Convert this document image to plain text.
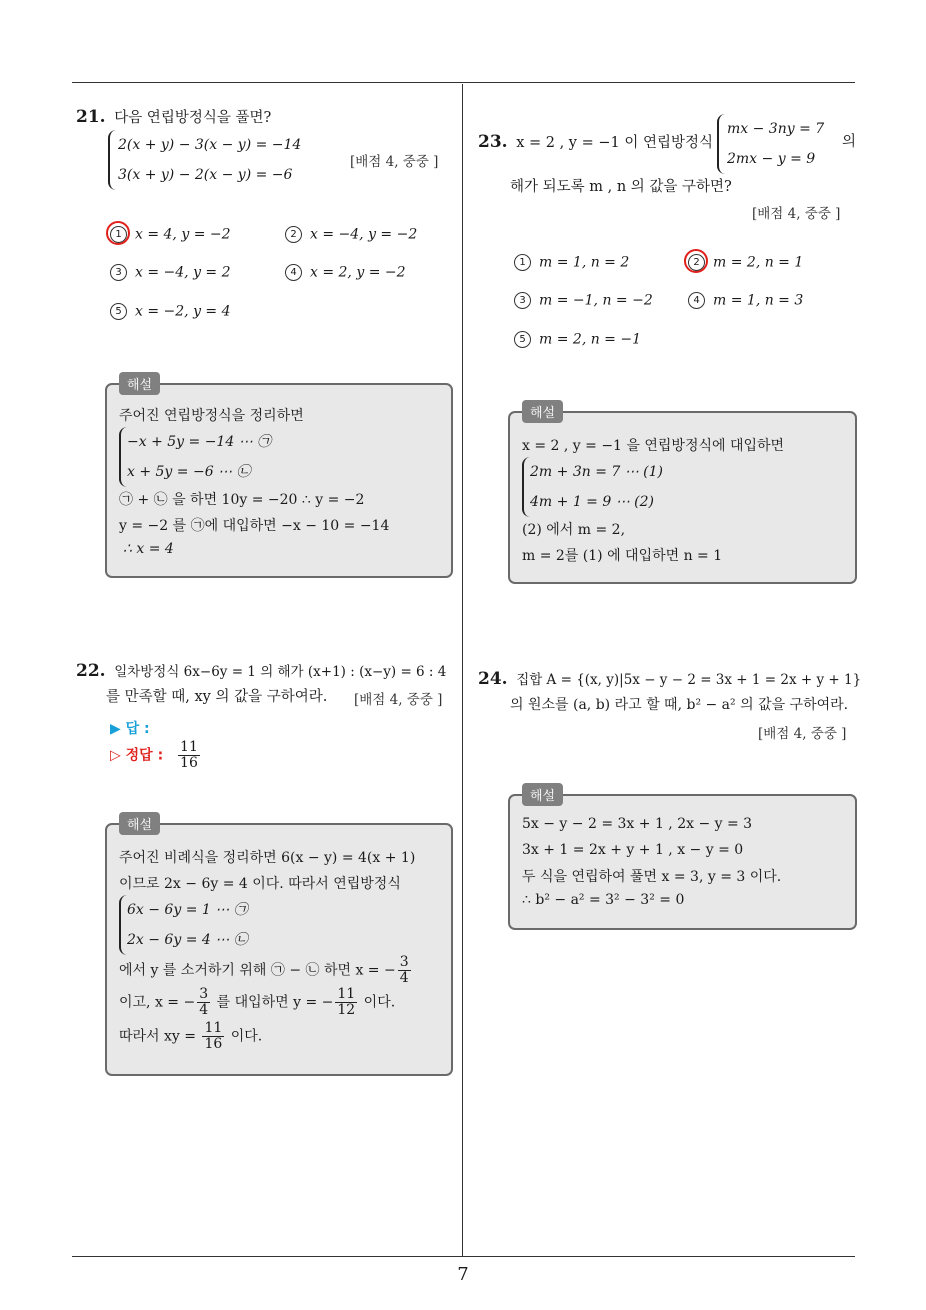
7
21. 다음 연립방정식을 풀면?
2(x + y) − 3(x − y) = −14
3(x + y) − 2(x − y) = −6
[배점 4, 중중 ]
1 x = 4, y = −2	2 x = −4, y = −2
3 x = −4, y = 2	4 x = 2, y = −2
5 x = −2, y = 4
해설
주어진 연립방정식을 정리하면
−x + 5y = −14 ⋯ ㉠
x + 5y = −6 ⋯ ㉡
㉠ + ㉡ 을 하면 10y = −20 ∴ y = −2
y = −2 를 ㉠에 대입하면 −x − 10 = −14
∴ x = 4
22. 일차방정식 6x−6y = 1 의 해가 (x+1) : (x−y) = 6 : 4
를 만족할 때, xy 의 값을 구하여라. [배점 4, 중중 ]
▶ 답 :
▷ 정답 : $\frac{11}{16}$
해설
주어진 비례식을 정리하면 6(x − y) = 4(x + 1)
이므로 2x − 6y = 4 이다. 따라서 연립방정식
6x − 6y = 1 ⋯ ㉠
2x − 6y = 4 ⋯ ㉡
에서 y 를 소거하기 위해 ㉠ − ㉡ 하면 x = − $\frac{3}{4}$
이고, x = − $\frac{3}{4}$ 를 대입하면 y = − $\frac{11}{12}$ 이다.
따라서 xy = $\frac{11}{16}$ 이다.
23. x = 2 , y = −1 이 연립방정식
mx − 3ny = 7
2mx − y = 9
의
해가 되도록 m , n 의 값을 구하면?
[배점 4, 중중 ]
1 m = 1, n = 2	2 m = 2, n = 1
3 m = −1, n = −2	4 m = 1, n = 3
5 m = 2, n = −1
해설
x = 2 , y = −1 을 연립방정식에 대입하면
2m + 3n = 7 ⋯ (1)
4m + 1 = 9 ⋯ (2)
(2) 에서 m = 2,
m = 2를 (1) 에 대입하면 n = 1
24. 집합 A = {(x, y)|5x − y − 2 = 3x + 1 = 2x + y + 1}
의 원소를 (a, b) 라고 할 때, b² − a² 의 값을 구하여라.
[배점 4, 중중 ]
해설
5x − y − 2 = 3x + 1 , 2x − y = 3
3x + 1 = 2x + y + 1 , x − y = 0
두 식을 연립하여 풀면 x = 3, y = 3 이다.
∴ b² − a² = 3² − 3² = 0
